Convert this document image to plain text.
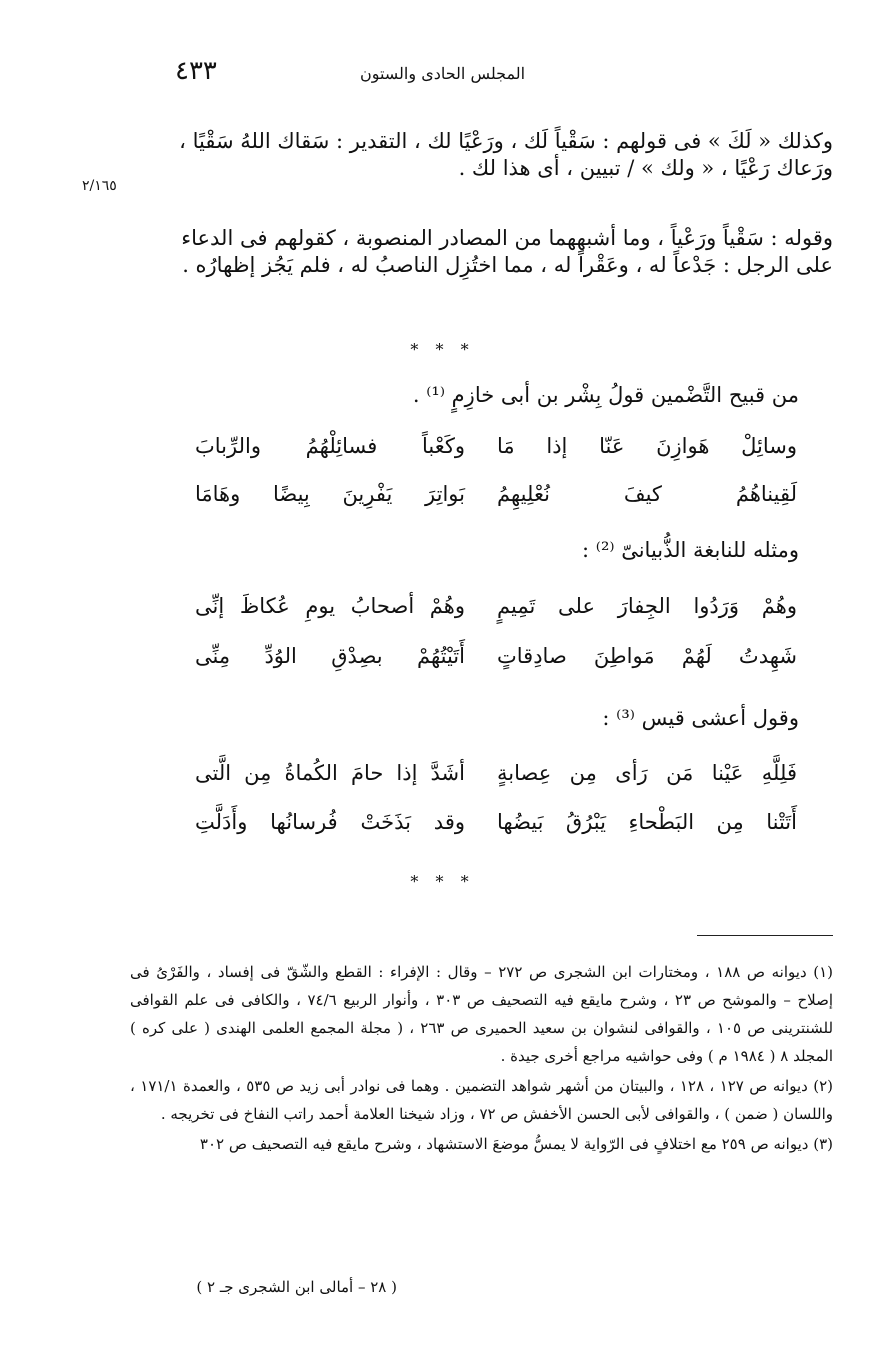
٤٣٣	المجلس الحادى والستون
٢/١٦٥
وكذلك « لَكَ » فى قولهم : سَقْياً لَك ، ورَعْيًا لك ، التقدير : سَقاك اللهُ سَقْيًا ،
ورَعاك رَعْيًا ، « ولك » / تبيين ، أى هذا لك .
وقوله : سَقْياً ورَعْياً ، وما أشبههما من المصادر المنصوبة ، كقولهم فى الدعاء
على الرجل : جَدْعاً له ، وعَقْراً له ، مما اختُزِل الناصبُ له ، فلم يَجُز إظهارُه .
* * *
من قبيح التَّضْمين قولُ بِشْر بن أبى خازِمٍ ⁽¹⁾ .
وسائِلْ هَوازِنَ عَنّا إذا مَا
وكَعْباً فسائِلْهُمُ والرِّبابَ
لَقِيناهُمُ كيفَ نُعْلِيهِمُ
بَواتِرَ يَفْرِينَ بِيضًا وهَامَا
ومثله للنابغة الذُّبيانىّ ⁽²⁾ :
وهُمْ وَرَدُوا الجِفارَ على تَمِيمٍ
وهُمْ أصحابُ يومِ عُكاظَ إنِّى
شَهِدتُ لَهُمْ مَواطِنَ صادِقاتٍ
أَتَيْتُهُمْ بصِدْقِ الوُدِّ مِنِّى
وقول أعشى قيس ⁽³⁾ :
فَلِلَّهِ عَيْنا مَن رَأى مِن عِصابةٍ
أشَدَّ إذا حامَ الكُماةُ مِن الَّتى
أَتَتْنا مِن البَطْحاءِ يَبْرُقُ بَيضُها
وقد بَذَخَتْ فُرسانُها وأَدَلَّتِ
* * *
(١) ديوانه ص ١٨٨ ، ومختارات ابن الشجرى ص ٢٧٢ – وقال : الإفراء : القطع والشّقّ فى إفساد ، والفَرْىُ فى إصلاح – والموشح ص ٢٣ ، وشرح مايقع فيه التصحيف ص ٣٠٣ ، وأنوار الربيع ٧٤/٦ ، والكافى فى علم القوافى للشنترينى ص ١٠٥ ، والقوافى لنشوان بن سعيد الحميرى ص ٢٦٣ ، ( مجلة المجمع العلمى الهندى ( على كره ) المجلد ٨ ( ١٩٨٤ م ) وفى حواشيه مراجع أخرى جيدة .
(٢) ديوانه ص ١٢٧ ، ١٢٨ ، والبيتان من أشهر شواهد التضمين . وهما فى نوادر أبى زيد ص ٥٣٥ ، والعمدة ١٧١/١ ، واللسان ( ضمن ) ، والقوافى لأبى الحسن الأخفش ص ٧٢ ، وزاد شيخنا العلامة أحمد راتب النفاخ فى تخريجه .
(٣) ديوانه ص ٢٥٩ مع اختلافٍ فى الرّواية لا يمسُّ موضعَ الاستشهاد ، وشرح مايقع فيه التصحيف ص ٣٠٢
( ٢٨ – أمالى ابن الشجرى جـ ٢ )
